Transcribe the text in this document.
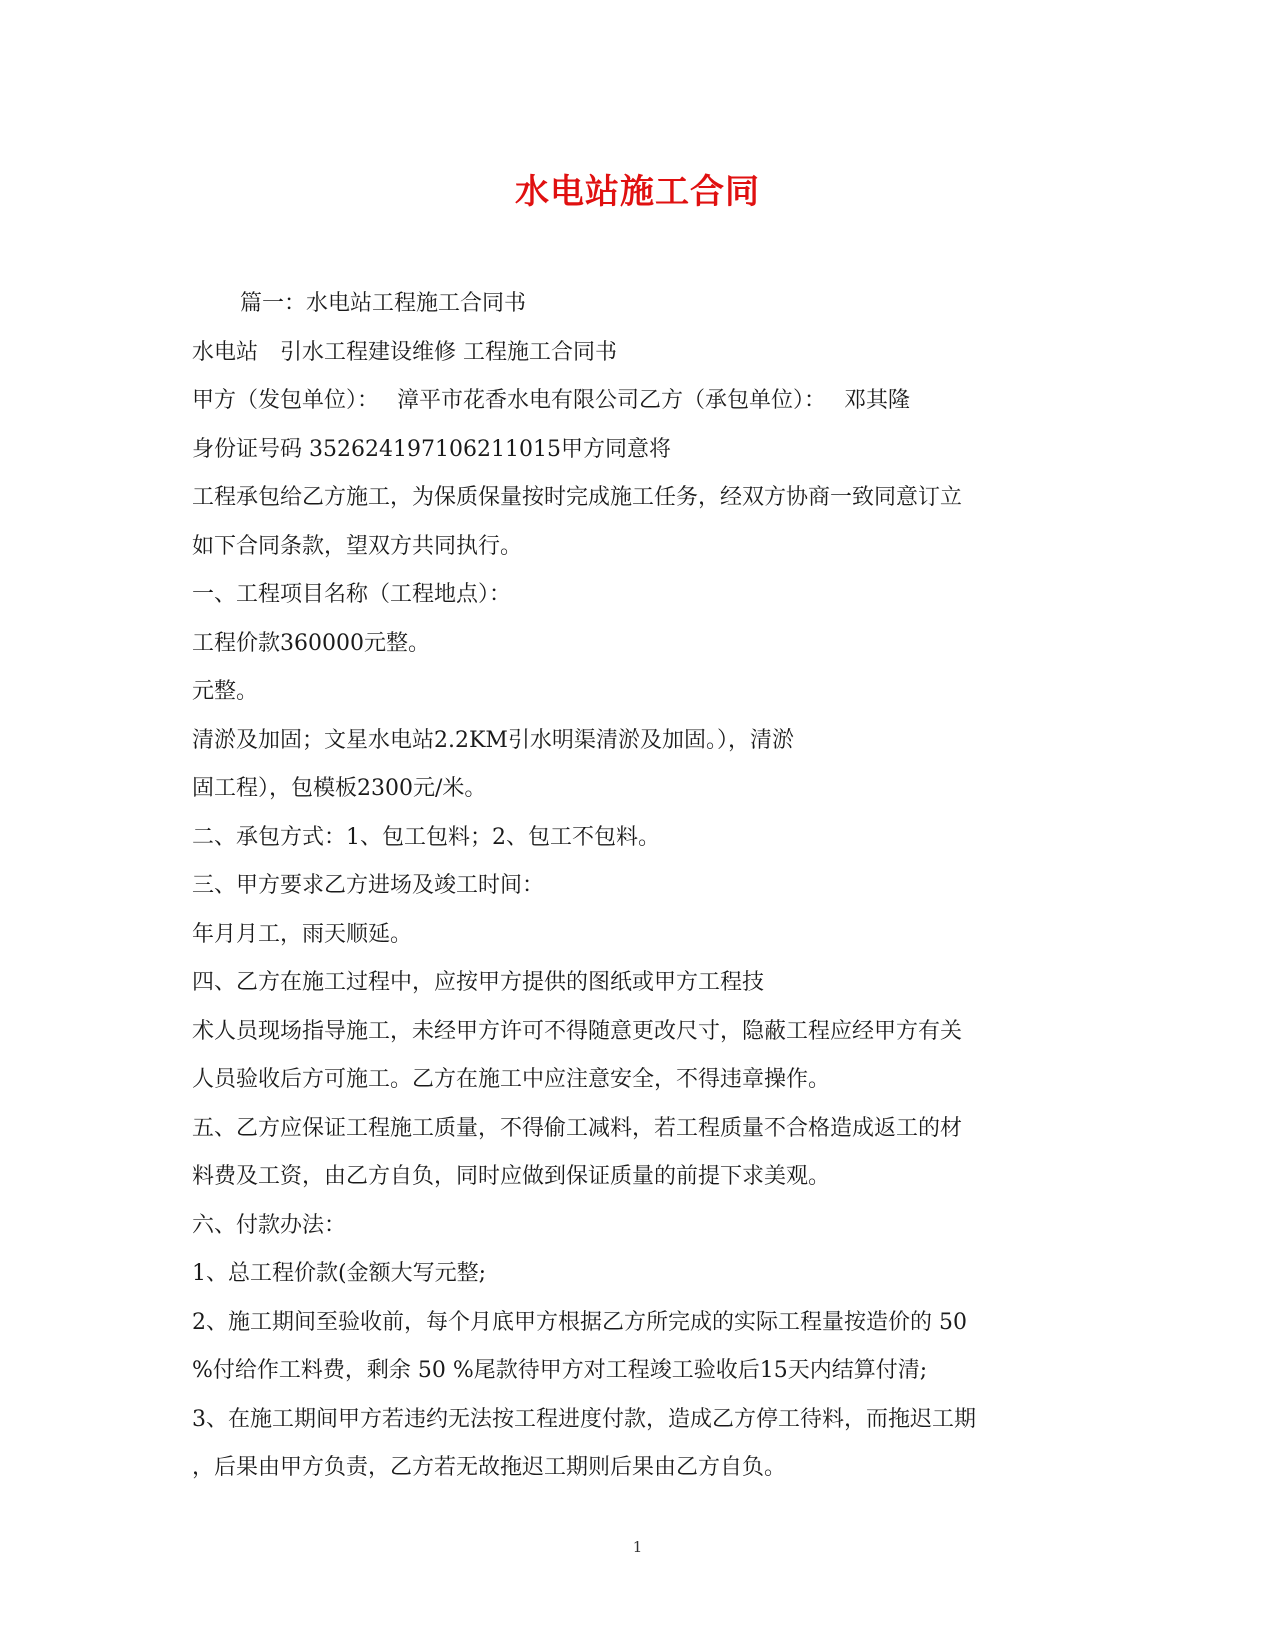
水电站施工合同
篇一：水电站工程施工合同书
水电站　引水工程建设维修 工程施工合同书
甲方（发包单位）：　 漳平市花香水电有限公司乙方（承包单位）：　 邓其隆
身份证号码 352624197106211015甲方同意将
工程承包给乙方施工，为保质保量按时完成施工任务，经双方协商一致同意订立
如下合同条款，望双方共同执行。
一、工程项目名称（工程地点）：
工程价款360000元整。
元整。
清淤及加固；文星水电站2.2KM引水明渠清淤及加固。），清淤
固工程），包模板2300元/米。
二、承包方式：1、包工包料；2、包工不包料。
三、甲方要求乙方进场及竣工时间：
年月月工，雨天顺延。
四、乙方在施工过程中，应按甲方提供的图纸或甲方工程技
术人员现场指导施工，未经甲方许可不得随意更改尺寸，隐蔽工程应经甲方有关
人员验收后方可施工。乙方在施工中应注意安全，不得违章操作。
五、乙方应保证工程施工质量，不得偷工减料，若工程质量不合格造成返工的材
料费及工资，由乙方自负，同时应做到保证质量的前提下求美观。
六、付款办法：
1、总工程价款(金额大写元整;
2、施工期间至验收前，每个月底甲方根据乙方所完成的实际工程量按造价的 50
%付给作工料费，剩余 50 %尾款待甲方对工程竣工验收后15天内结算付清;
3、在施工期间甲方若违约无法按工程进度付款，造成乙方停工待料，而拖迟工期
，后果由甲方负责，乙方若无故拖迟工期则后果由乙方自负。
1
